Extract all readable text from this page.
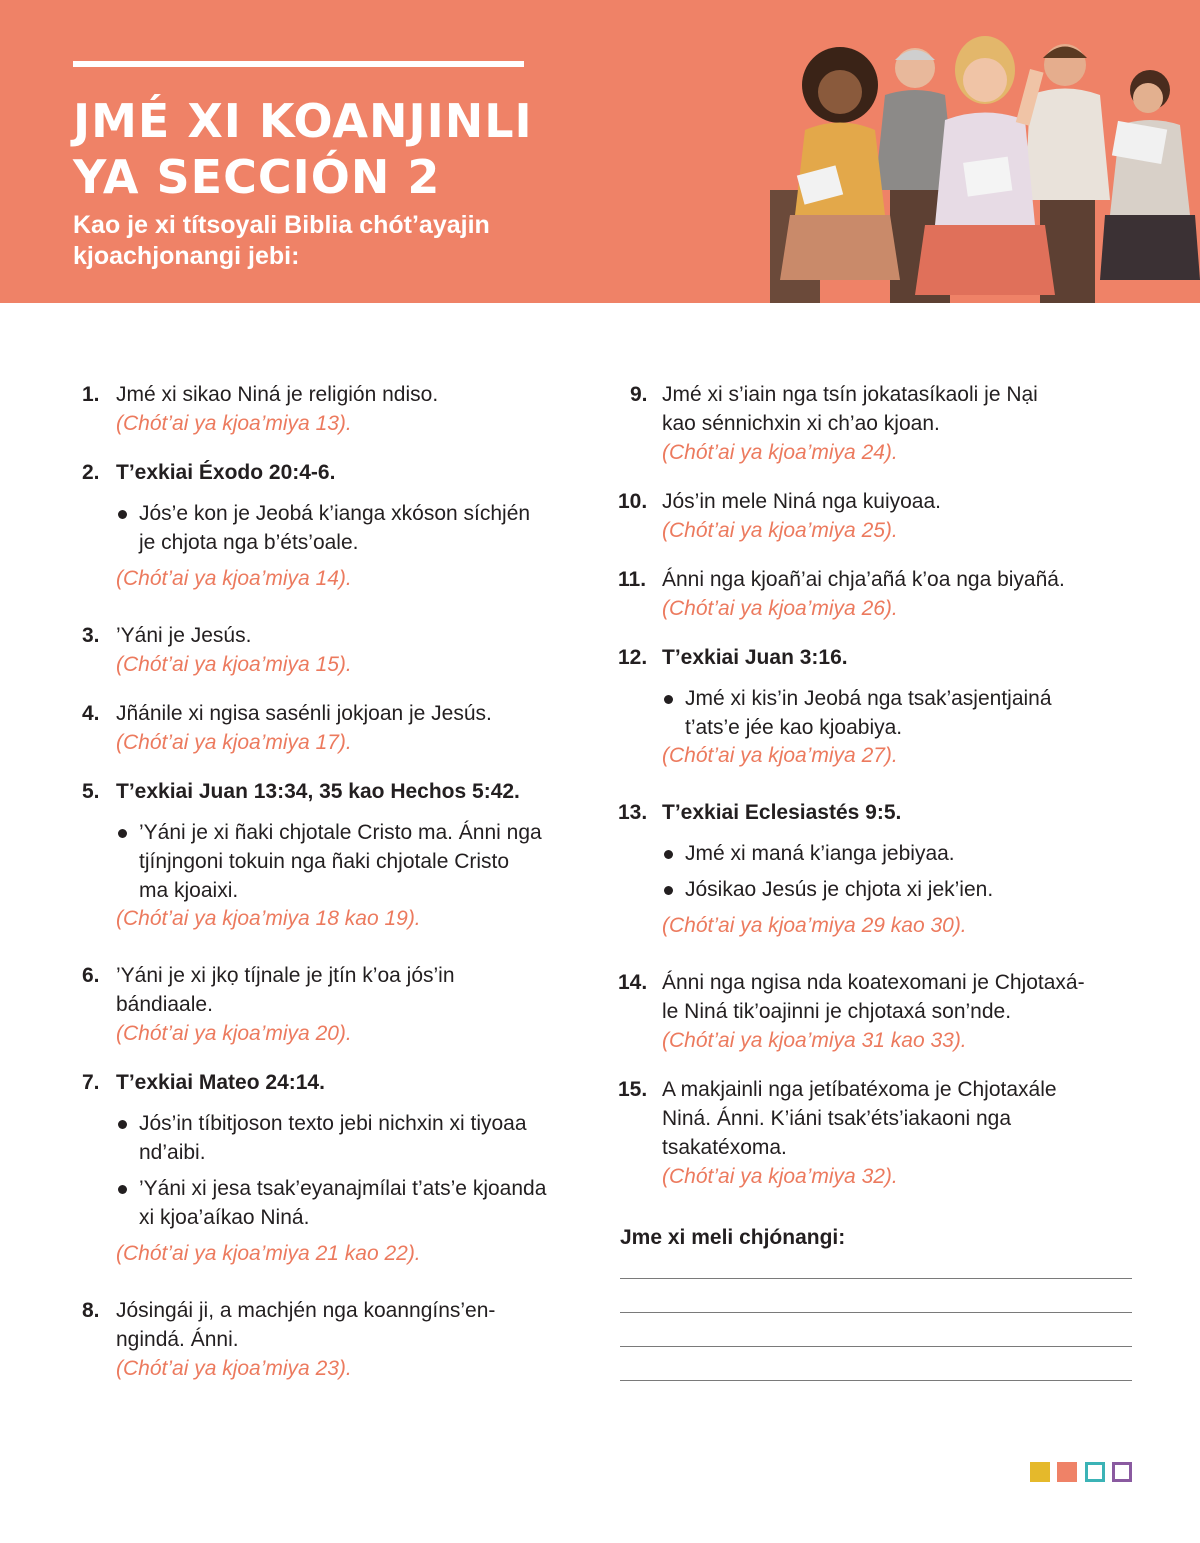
JMÉ XI KOANJINLI
YA SECCIÓN 2

Kao je xi títsoyali Biblia chót’ayajin
kjoachjonangi jebi:

1. Jmé xi sikao Niná je religión ndiso.
(Chót’ai ya kjoa’miya 13).
2. T’exkiai Éxodo 20:4-6.
Jós’e kon je Jeobá k’ianga xkóson síchjén
je chjota nga b’éts’oale.
(Chót’ai ya kjoa’miya 14).
3. ’Yáni je Jesús.
(Chót’ai ya kjoa’miya 15).
4. Jñánile xi ngisa sasénli jokjoan je Jesús.
(Chót’ai ya kjoa’miya 17).
5. T’exkiai Juan 13:34, 35 kao Hechos 5:42.
’Yáni je xi ñaki chjotale Cristo ma. Ánni nga
tjínjngoni tokuin nga ñaki chjotale Cristo
ma kjoaixi.
(Chót’ai ya kjoa’miya 18 kao 19).
6. ’Yáni je xi jkọ tíjnale je jtín k’oa jós’in
bándiaale.
(Chót’ai ya kjoa’miya 20).
7. T’exkiai Mateo 24:14.
Jós’in tíbitjoson texto jebi nichxin xi tiyoaa
nd’aibi.
’Yáni xi jesa tsak’eyanajmílai t’ats’e kjoanda
xi kjoa’aíkao Niná.
(Chót’ai ya kjoa’miya 21 kao 22).
8. Jósingái ji, a machjén nga koanngíns’en-
ngindá. Ánni.
(Chót’ai ya kjoa’miya 23).
9. Jmé xi s’iain nga tsín jokatasíkaoli je Nại
kao sénnichxin xi ch’ao kjoan.
(Chót’ai ya kjoa’miya 24).
10. Jós’in mele Niná nga kuiyoaa.
(Chót’ai ya kjoa’miya 25).
11. Ánni nga kjoañ’ai chja’añá k’oa nga biyañá.
(Chót’ai ya kjoa’miya 26).
12. T’exkiai Juan 3:16.
Jmé xi kis’in Jeobá nga tsak’asjentjainá
t’ats’e jée kao kjoabiya.
(Chót’ai ya kjoa’miya 27).
13. T’exkiai Eclesiastés 9:5.
Jmé xi maná k’ianga jebiyaa.
Jósikao Jesús je chjota xi jek’ien.
(Chót’ai ya kjoa’miya 29 kao 30).
14. Ánni nga ngisa nda koatexomani je Chjotaxá-
le Niná tik’oajinni je chjotaxá son’nde.
(Chót’ai ya kjoa’miya 31 kao 33).
15. A makjainli nga jetíbatéxoma je Chjotaxále
Niná. Ánni. K’iáni tsak’éts’iakaoni nga
tsakatéxoma.
(Chót’ai ya kjoa’miya 32).
Jme xi meli chjónangi:
